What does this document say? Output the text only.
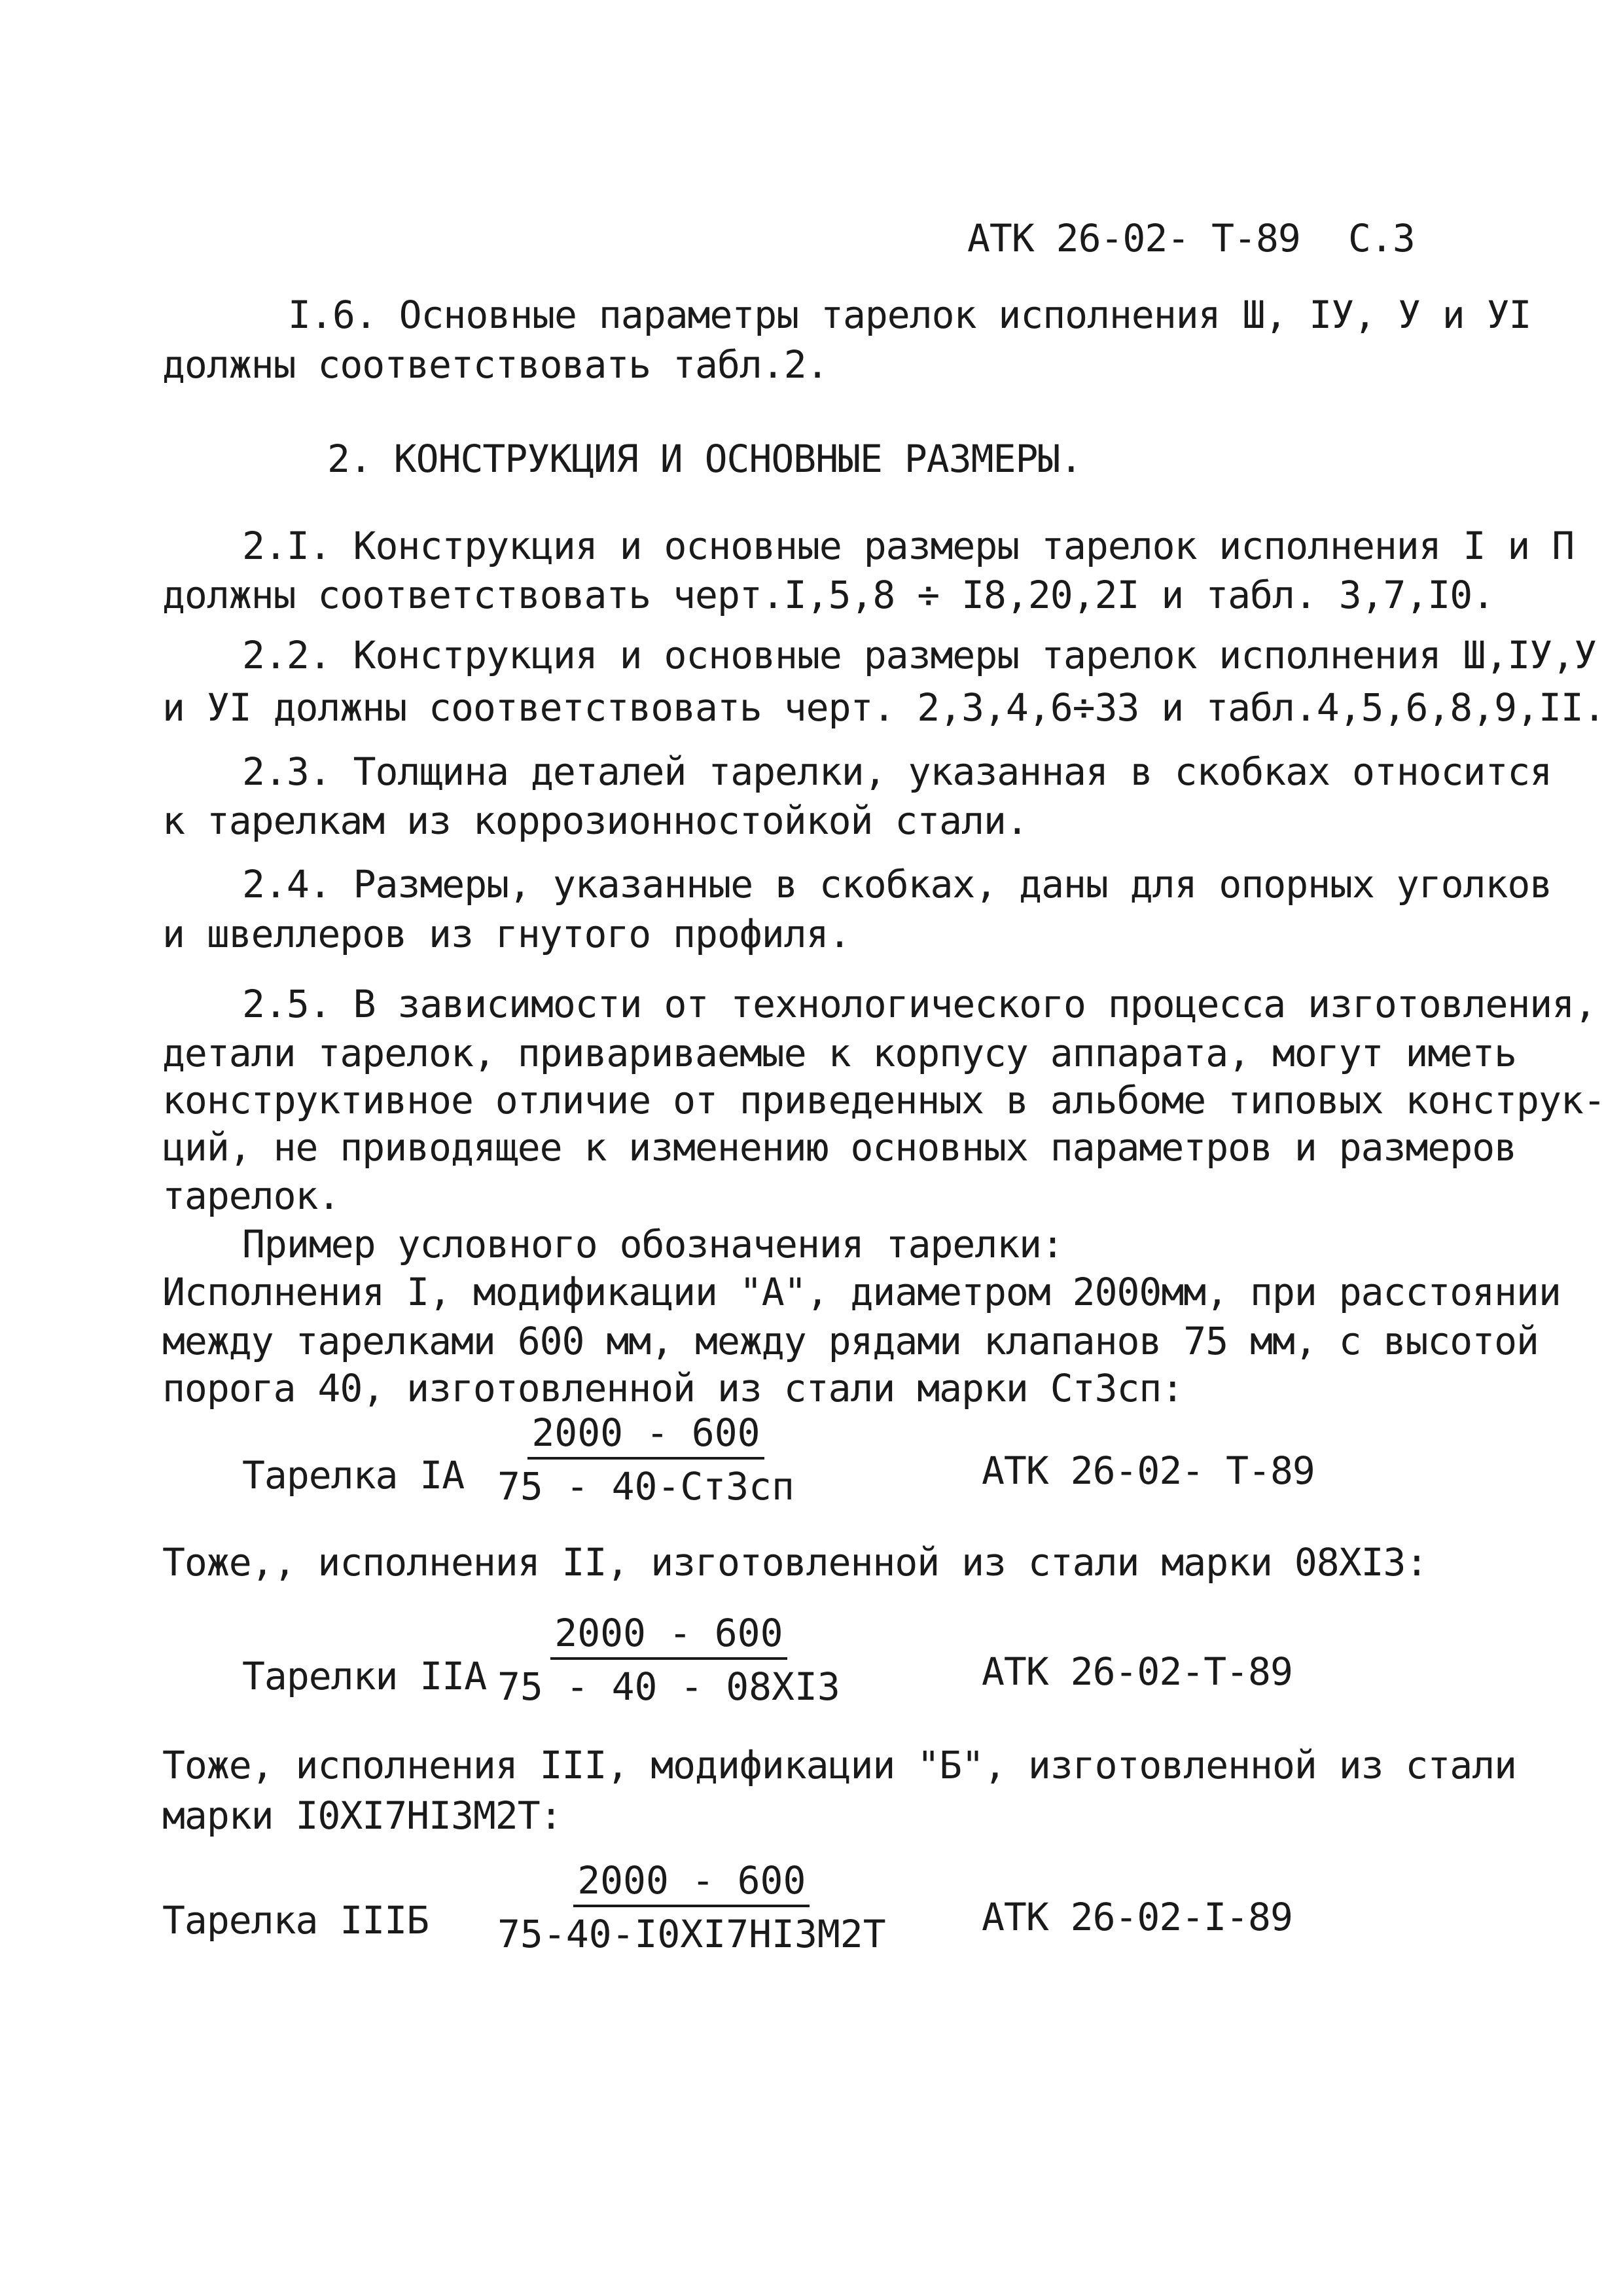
АТК 26-02- Т-89 С.3
I.6. Основные параметры тарелок исполнения Ш, IУ, У и УI
должны соответствовать табл.2.
2. КОНСТРУКЦИЯ И ОСНОВНЫЕ РАЗМЕРЫ.
2.I. Конструкция и основные размеры тарелок исполнения I и П
должны соответствовать черт.I,5,8 ÷ I8,20,2I и табл. 3,7,I0.
2.2. Конструкция и основные размеры тарелок исполнения Ш,IУ,У
и УI должны соответствовать черт. 2,3,4,6÷33 и табл.4,5,6,8,9,II.
2.3. Толщина деталей тарелки, указанная в скобках относится
к тарелкам из коррозионностойкой стали.
2.4. Размеры, указанные в скобках, даны для опорных уголков
и швеллеров из гнутого профиля.
2.5. В зависимости от технологического процесса изготовления,
детали тарелок, привариваемые к корпусу аппарата, могут иметь
конструктивное отличие от приведенных в альбоме типовых конструк-
ций, не приводящее к изменению основных параметров и размеров
тарелок.
Пример условного обозначения тарелки:
Исполнения I, модификации "А", диаметром 2000мм, при расстоянии
между тарелками 600 мм, между рядами клапанов 75 мм, с высотой
порога 40, изготовленной из стали марки Ст3сп:
Тарелка IА
2000 - 600
75 - 40-Ст3сп	АТК 26-02- Т-89
Тоже,, исполнения II, изготовленной из стали марки 08ХI3:
Тарелки IIА
2000 - 600
75 - 40 - 08ХI3	АТК 26-02-Т-89
Тоже, исполнения III, модификации "Б", изготовленной из стали
марки I0ХI7НI3М2Т:
Тарелка IIIБ
2000 - 600
75-40-I0ХI7НI3М2Т	АТК 26-02-I-89
